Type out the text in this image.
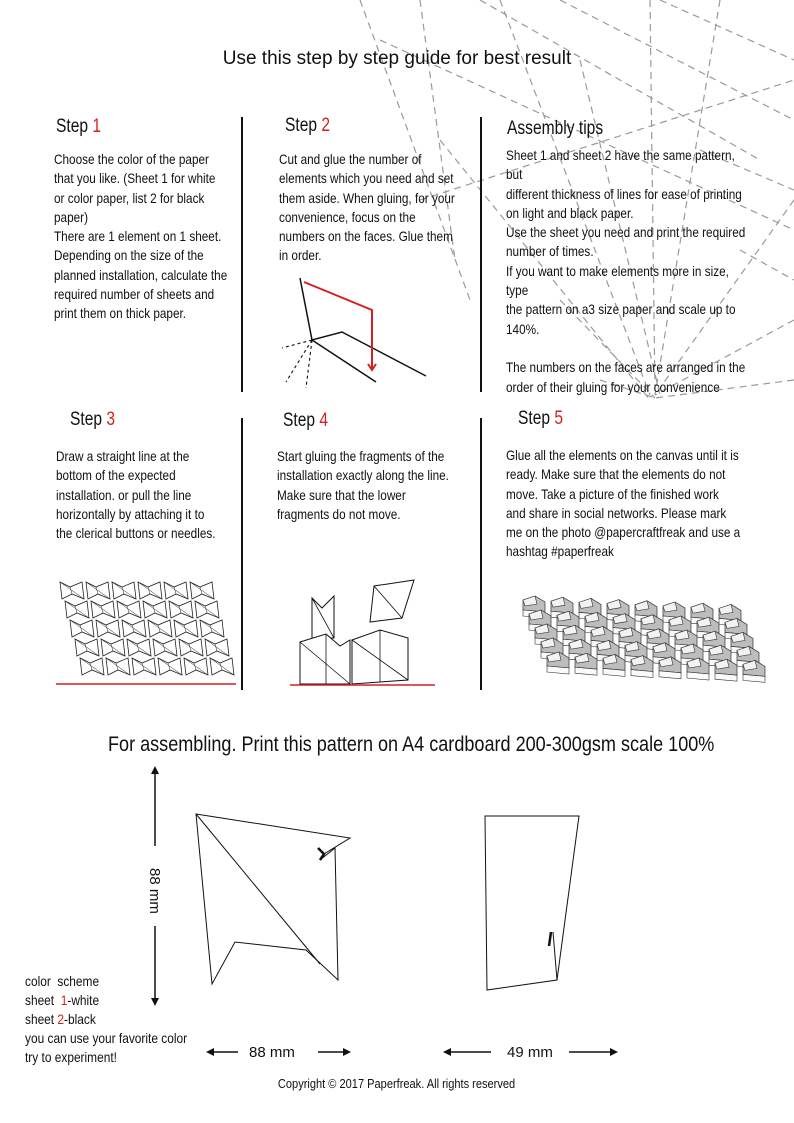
Use this step by step guide for best result
Step 1
Choose the color of the paper
that you like. (Sheet 1 for white
or color paper, list 2 for black
paper)
There are 1 element on 1 sheet.
Depending on the size of the
planned installation, calculate the
required number of sheets and
print them on thick paper.
Step 2
Cut and glue the number of
elements which you need and set
them aside. When gluing, for your
convenience, focus on the
numbers on the faces. Glue them
in order.
Assembly tips
Sheet 1 and sheet 2 have the same pattern, but
different thickness of lines for ease of printing
on light and black paper.
Use the sheet you need and print the required
number of times.
If you want to make elements more in size, type
the pattern on a3 size paper and scale up to
140%.

The numbers on the faces are arranged in the
order of their gluing for your convenience
Step 3
Draw a straight line at the
bottom of the expected
installation. or pull the line
horizontally by attaching it to
the clerical buttons or needles.
Step 4
Start gluing the fragments of the
installation exactly along the line.
Make sure that the lower
fragments do not move.
Step 5
Glue all the elements on the canvas until it is
ready. Make sure that the elements do not
move. Take a picture of the finished work
and share in social networks. Please mark
me on the photo @papercraftfreak and use a
hashtag #paperfreak
For assembling. Print this pattern on A4 cardboard 200-300gsm scale 100%
88 mm
88 mm	49 mm
color  scheme
sheet  1-white
sheet 2-black
you can use your favorite color
try to experiment!
Copyright © 2017 Paperfreak. All rights reserved
